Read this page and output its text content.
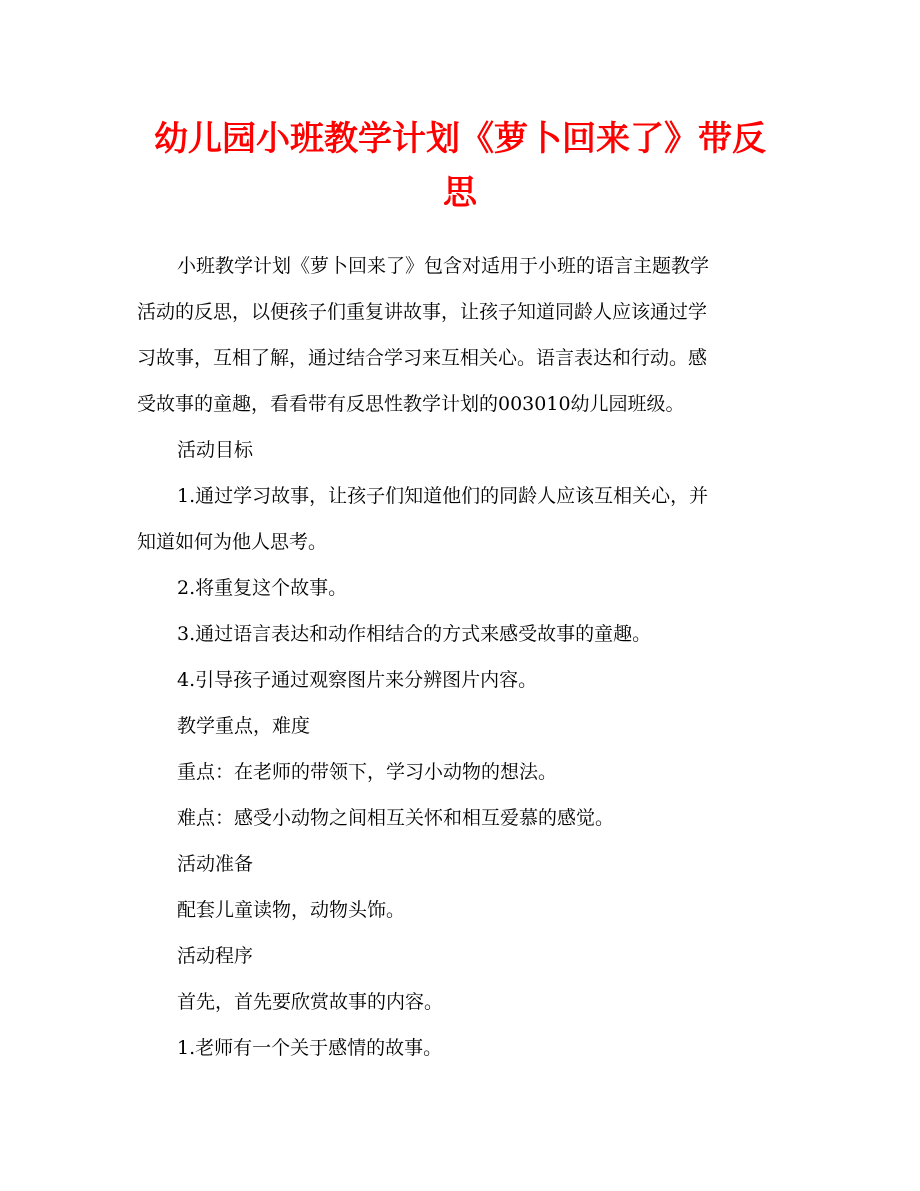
幼儿园小班教学计划《萝卜回来了》带反
思

小班教学计划《萝卜回来了》包含对适用于小班的语言主题教学

活动的反思，以便孩子们重复讲故事，让孩子知道同龄人应该通过学

习故事，互相了解，通过结合学习来互相关心。语言表达和行动。感

受故事的童趣，看看带有反思性教学计划的003010幼儿园班级。

活动目标

1.通过学习故事，让孩子们知道他们的同龄人应该互相关心，并

知道如何为他人思考。

2.将重复这个故事。

3.通过语言表达和动作相结合的方式来感受故事的童趣。

4.引导孩子通过观察图片来分辨图片内容。

教学重点，难度

重点：在老师的带领下，学习小动物的想法。

难点：感受小动物之间相互关怀和相互爱慕的感觉。

活动准备

配套儿童读物，动物头饰。

活动程序

首先，首先要欣赏故事的内容。

1.老师有一个关于感情的故事。
